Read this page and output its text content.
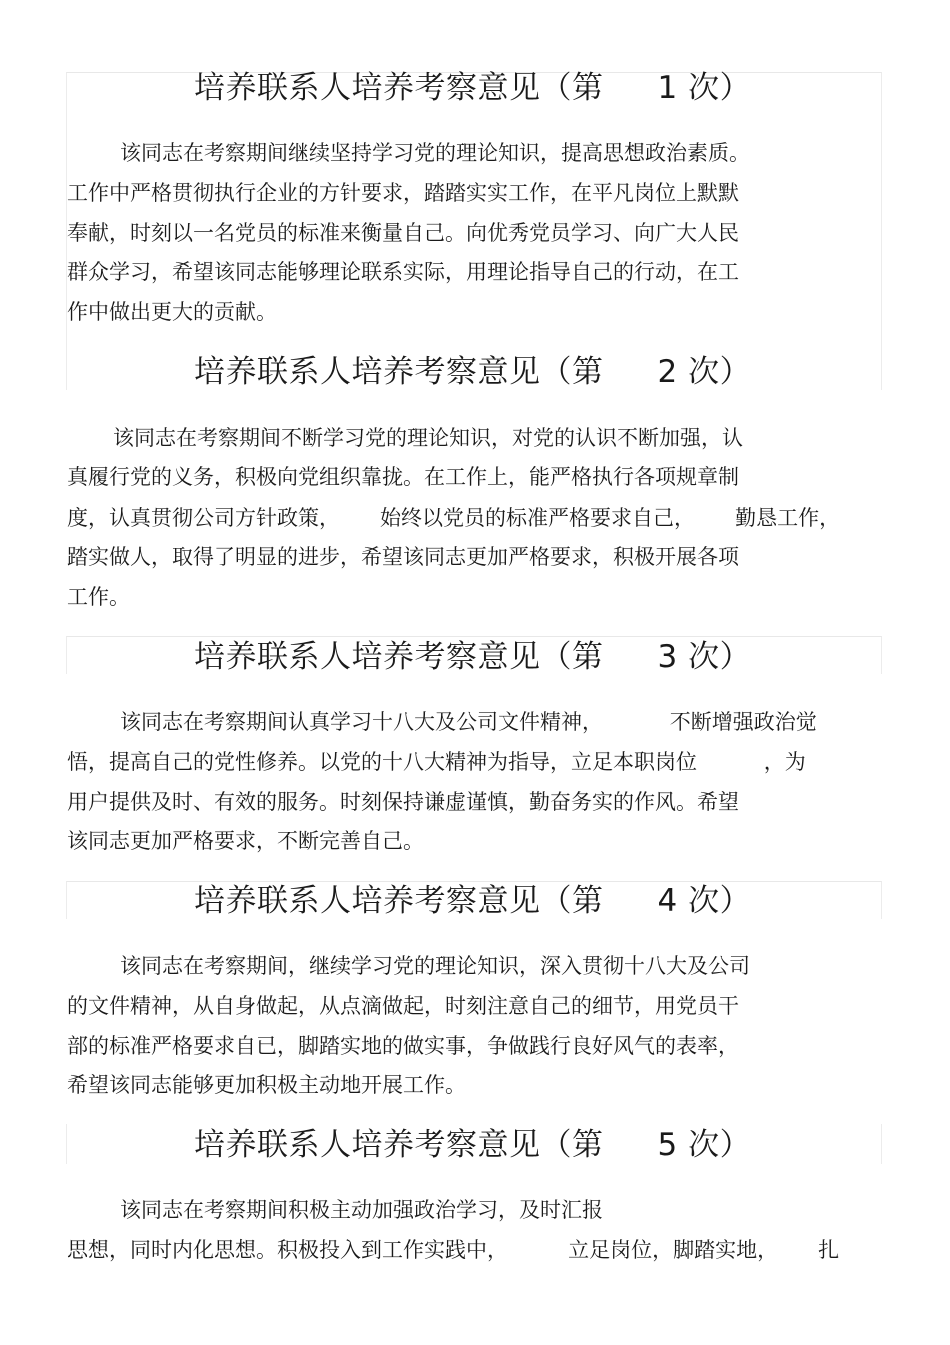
培养联系人培养考察意见（第 1 次）
该同志在考察期间继续坚持学习党的理论知识，提高思想政治素质。
工作中严格贯彻执行企业的方针要求，踏踏实实工作，在平凡岗位上默默
奉献，时刻以一名党员的标准来衡量自己。向优秀党员学习、向广大人民
群众学习，希望该同志能够理论联系实际，用理论指导自己的行动，在工
作中做出更大的贡献。
培养联系人培养考察意见（第 2 次）
该同志在考察期间不断学习党的理论知识，对党的认识不断加强，认
真履行党的义务，积极向党组织靠拢。在工作上，能严格执行各项规章制
度，认真贯彻公司方针政策，      始终以党员的标准严格要求自己，      勤恳工作，
踏实做人，取得了明显的进步，希望该同志更加严格要求，积极开展各项
工作。
培养联系人培养考察意见（第 3 次）
该同志在考察期间认真学习十八大及公司文件精神，          不断增强政治觉
悟，提高自己的党性修养。以党的十八大精神为指导，立足本职岗位          ，为
用户提供及时、有效的服务。时刻保持谦虚谨慎，勤奋务实的作风。希望
该同志更加严格要求，不断完善自己。
培养联系人培养考察意见（第 4 次）
该同志在考察期间，继续学习党的理论知识，深入贯彻十八大及公司
的文件精神，从自身做起，从点滴做起，时刻注意自己的细节，用党员干
部的标准严格要求自已，脚踏实地的做实事，争做践行良好风气的表率，
希望该同志能够更加积极主动地开展工作。
培养联系人培养考察意见（第 5 次）
该同志在考察期间积极主动加强政治学习，及时汇报
思想，同时内化思想。积极投入到工作实践中，         立足岗位，脚踏实地，      扎
